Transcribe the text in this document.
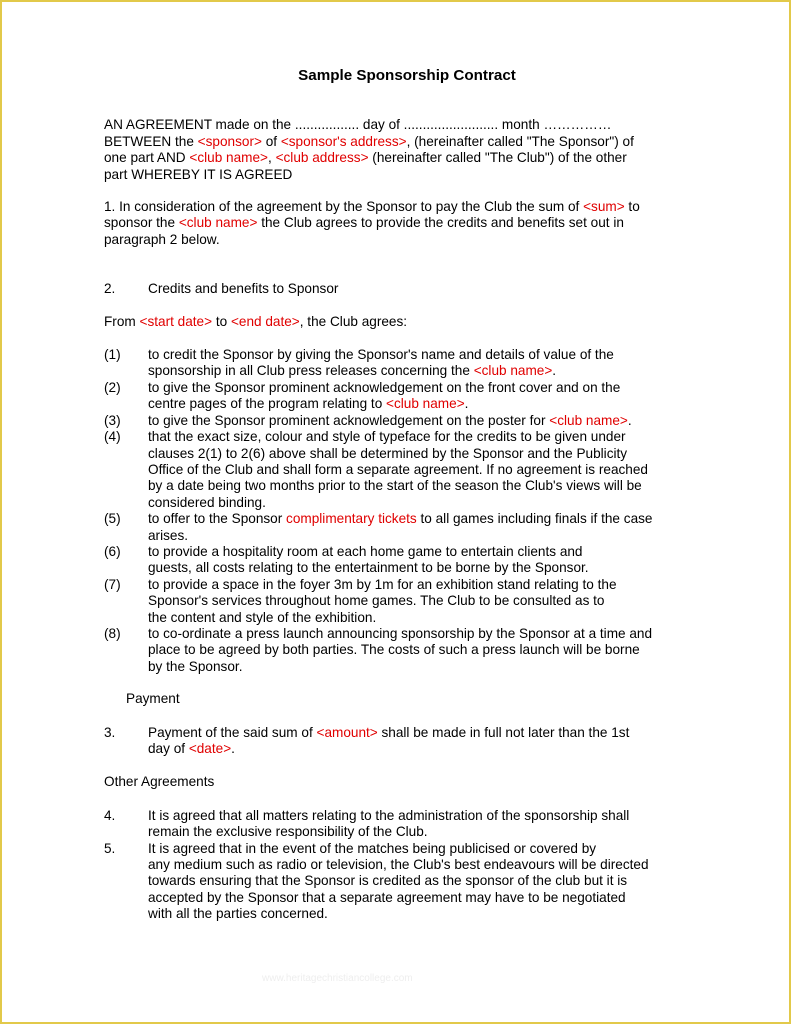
Sample Sponsorship Contract

AN AGREEMENT made on the ................. day of ......................... month ……………

BETWEEN the <sponsor> of <sponsor's address>, (hereinafter called "The Sponsor") of

one part AND <club name>, <club address> (hereinafter called "The Club") of the other

part WHEREBY IT IS AGREED

1. In consideration of the agreement by the Sponsor to pay the Club the sum of <sum> to

sponsor the <club name> the Club agrees to provide the credits and benefits set out in

paragraph 2 below.

2.	Credits and benefits to Sponsor

From <start date> to <end date>, the Club agrees:

(1)	to credit the Sponsor by giving the Sponsor's name and details of value of the

sponsorship in all Club press releases concerning the <club name>.

(2)	to give the Sponsor prominent acknowledgement on the front cover and on the

centre pages of the program relating to <club name>.

(3)	to give the Sponsor prominent acknowledgement on the poster for <club name>.

(4)	that the exact size, colour and style of typeface for the credits to be given under

clauses 2(1) to 2(6) above shall be determined by the Sponsor and the Publicity

Office of the Club and shall form a separate agreement. If no agreement is reached

by a date being two months prior to the start of the season the Club's views will be

considered binding.

(5)	to offer to the Sponsor complimentary tickets to all games including finals if the case

arises.

(6)	to provide a hospitality room at each home game to entertain clients and

guests, all costs relating to the entertainment to be borne by the Sponsor.

(7)	to provide a space in the foyer 3m by 1m for an exhibition stand relating to the

Sponsor's services throughout home games. The Club to be consulted as to

the content and style of the exhibition.

(8)	to co-ordinate a press launch announcing sponsorship by the Sponsor at a time and

place to be agreed by both parties. The costs of such a press launch will be borne

by the Sponsor.

Payment

3.	Payment of the said sum of <amount> shall be made in full not later than the 1st

day of <date>.

Other Agreements

4.	It is agreed that all matters relating to the administration of the sponsorship shall

remain the exclusive responsibility of the Club.

5.	It is agreed that in the event of the matches being publicised or covered by

any medium such as radio or television, the Club's best endeavours will be directed

towards ensuring that the Sponsor is credited as the sponsor of the club but it is

accepted by the Sponsor that a separate agreement may have to be negotiated

with all the parties concerned.

www.heritagechristiancollege.com
